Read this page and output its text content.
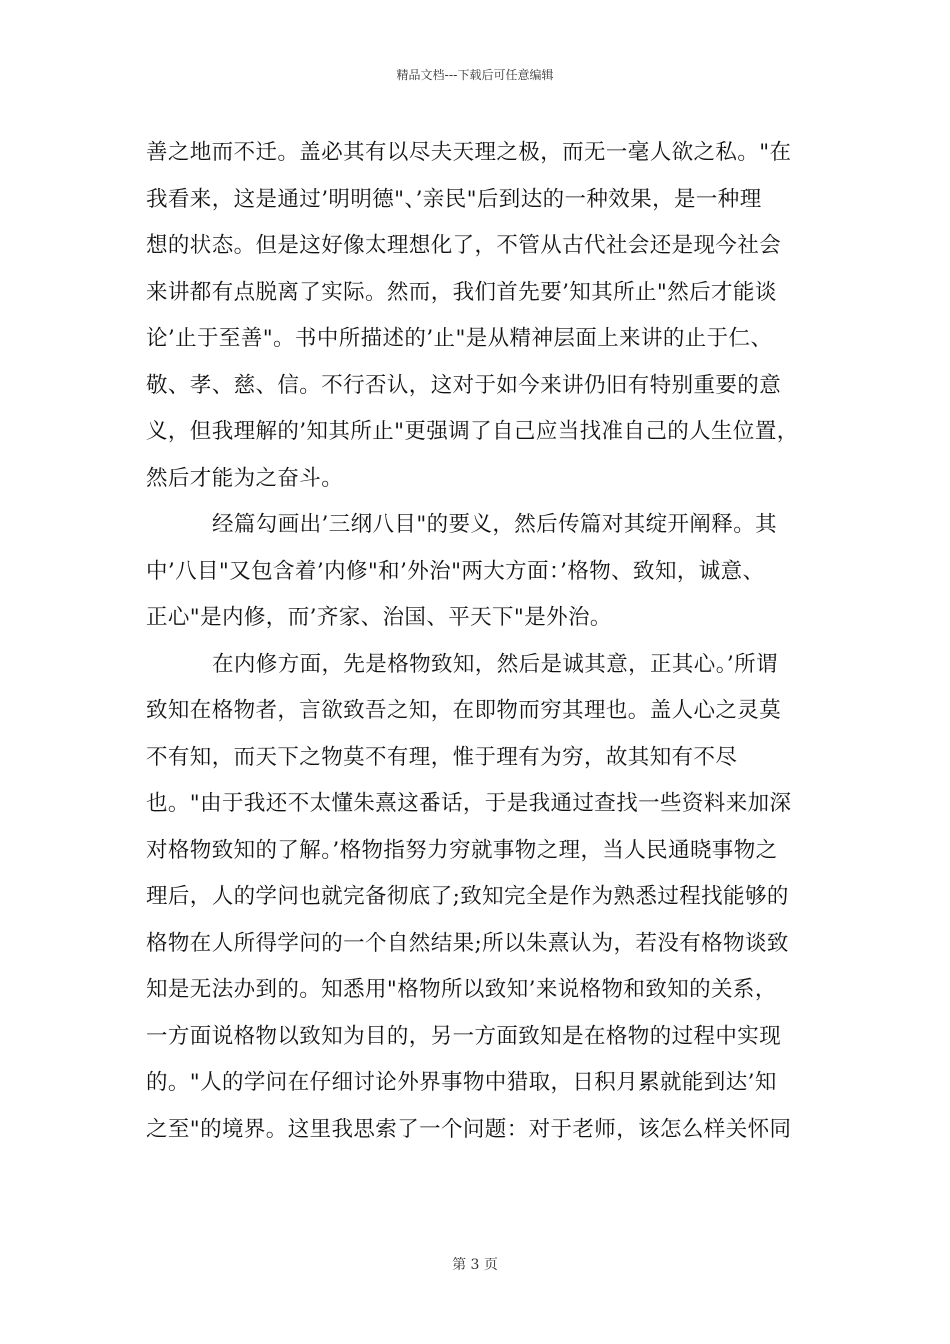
精品文档---下载后可任意编辑

善之地而不迁。盖必其有以尽夫天理之极，而无一毫人欲之私。"在
我看来，这是通过’明明德"、’亲民"后到达的一种效果，是一种理
想的状态。但是这好像太理想化了，不管从古代社会还是现今社会
来讲都有点脱离了实际。然而，我们首先要’知其所止"然后才能谈
论’止于至善"。书中所描述的’止"是从精神层面上来讲的止于仁、
敬、孝、慈、信。不行否认，这对于如今来讲仍旧有特别重要的意
义，但我理解的’知其所止"更强调了自己应当找准自己的人生位置，
然后才能为之奋斗。

经篇勾画出’三纲八目"的要义，然后传篇对其绽开阐释。其
中’八目"又包含着’内修"和’外治"两大方面：’格物、致知，诚意、
正心"是内修，而’齐家、治国、平天下"是外治。

在内修方面，先是格物致知，然后是诚其意，正其心。’所谓
致知在格物者，言欲致吾之知，在即物而穷其理也。盖人心之灵莫
不有知，而天下之物莫不有理，惟于理有为穷，故其知有不尽
也。"由于我还不太懂朱熹这番话，于是我通过查找一些资料来加深
对格物致知的了解。’格物指努力穷就事物之理，当人民通晓事物之
理后，人的学问也就完备彻底了;致知完全是作为熟悉过程找能够的
格物在人所得学问的一个自然结果;所以朱熹认为，若没有格物谈致
知是无法办到的。知悉用"格物所以致知’来说格物和致知的关系，
一方面说格物以致知为目的，另一方面致知是在格物的过程中实现
的。"人的学问在仔细讨论外界事物中猎取，日积月累就能到达’知
之至"的境界。这里我思索了一个问题：对于老师，该怎么样关怀同

第 3 页
